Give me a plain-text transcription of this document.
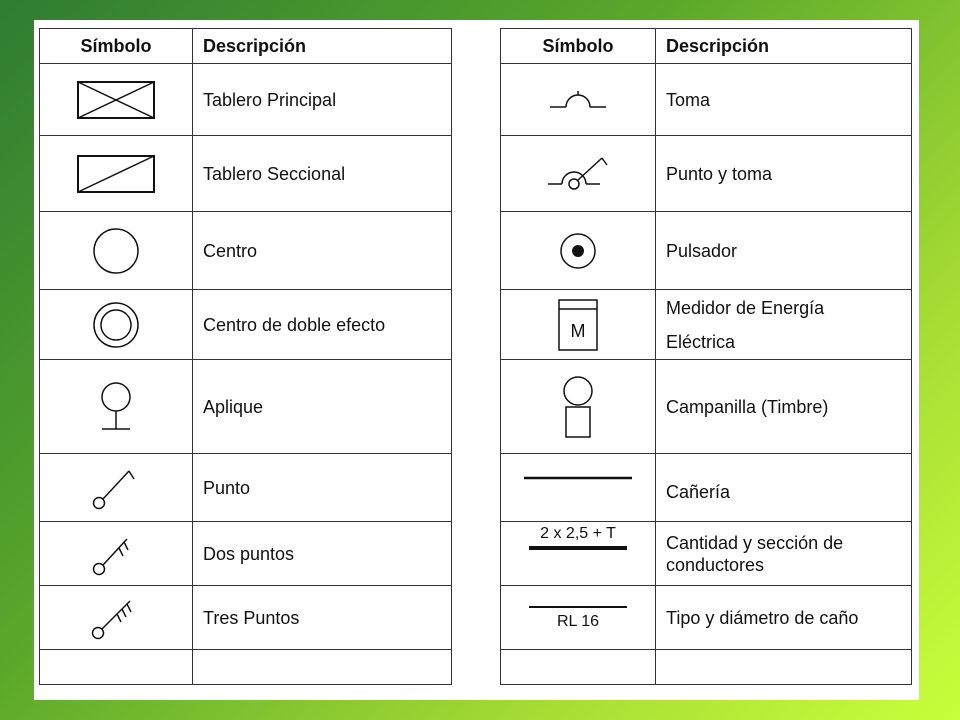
Símbolo	Descripción

	Tablero Principal

	Tablero Seccional

	Centro

	Centro de doble efecto

	Aplique

	Punto

	Dos puntos

	Tres Puntos

Símbolo	Descripción

	Toma

	Punto y toma

	Pulsador

M	Medidor de Energía
Eléctrica

	Campanilla (Timbre)

	Cañería

2 x 2,5 + T	Cantidad y sección de conductores

RL 16	Tipo y diámetro de caño
